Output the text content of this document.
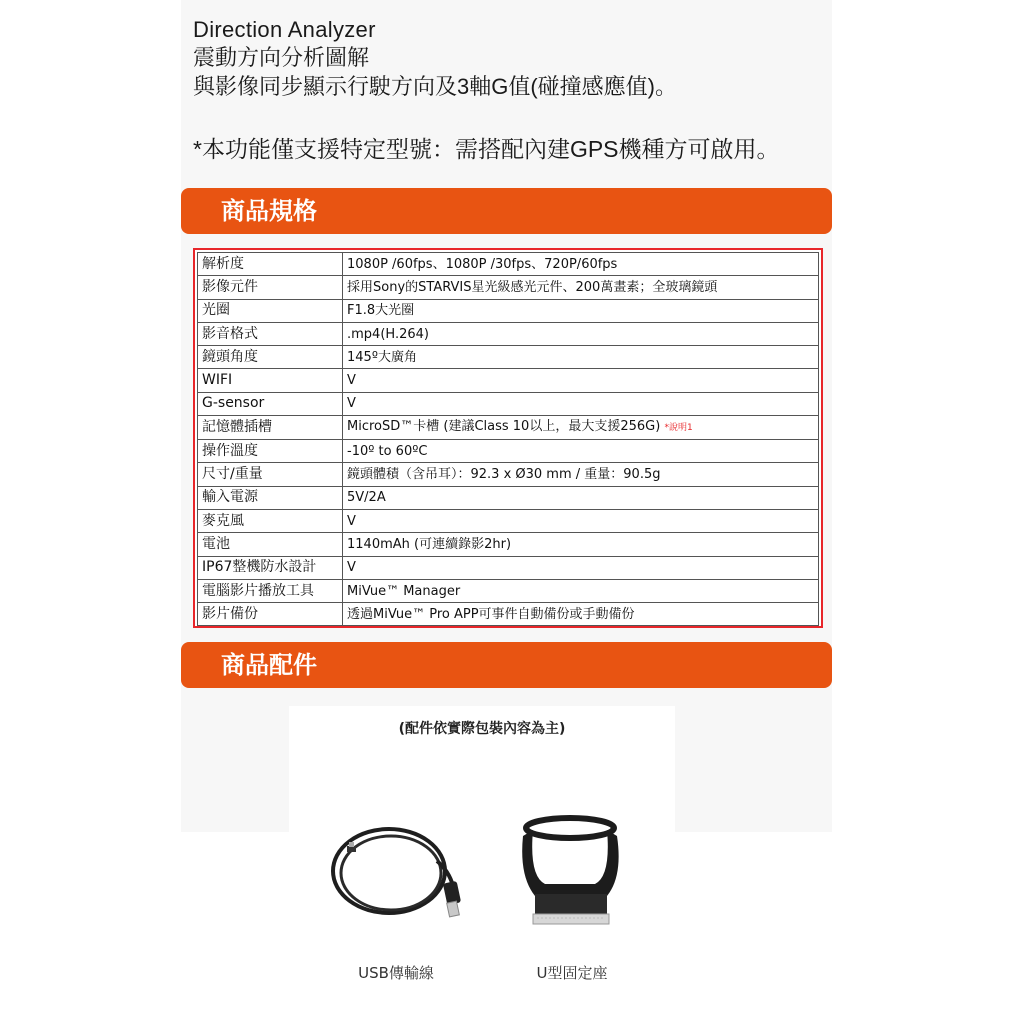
Direction Analyzer
震動方向分析圖解
與影像同步顯示行駛方向及3軸G值(碰撞感應值)。
*本功能僅支援特定型號：需搭配內建GPS機種方可啟用。
商品規格
解析度	1080P /60fps、1080P /30fps、720P/60fps
影像元件	採用Sony的STARVIS星光級感光元件、200萬畫素；全玻璃鏡頭
光圈	F1.8大光圈
影音格式	.mp4(H.264)
鏡頭角度	145º大廣角
WIFI	V
G-sensor	V
記憶體插槽	MicroSD™卡槽 (建議Class 10以上，最大支援256G) *說明1
操作溫度	-10º to 60ºC
尺寸/重量	鏡頭體積（含吊耳）：92.3 x Ø30 mm / 重量：90.5g
輸入電源	5V/2A
麥克風	V
電池	1140mAh (可連續錄影2hr)
IP67整機防水設計	V
電腦影片播放工具	MiVue™ Manager
影片備份	透過MiVue™ Pro APP可事件自動備份或手動備份
商品配件
(配件依實際包裝內容為主)
USB傳輸線	U型固定座
